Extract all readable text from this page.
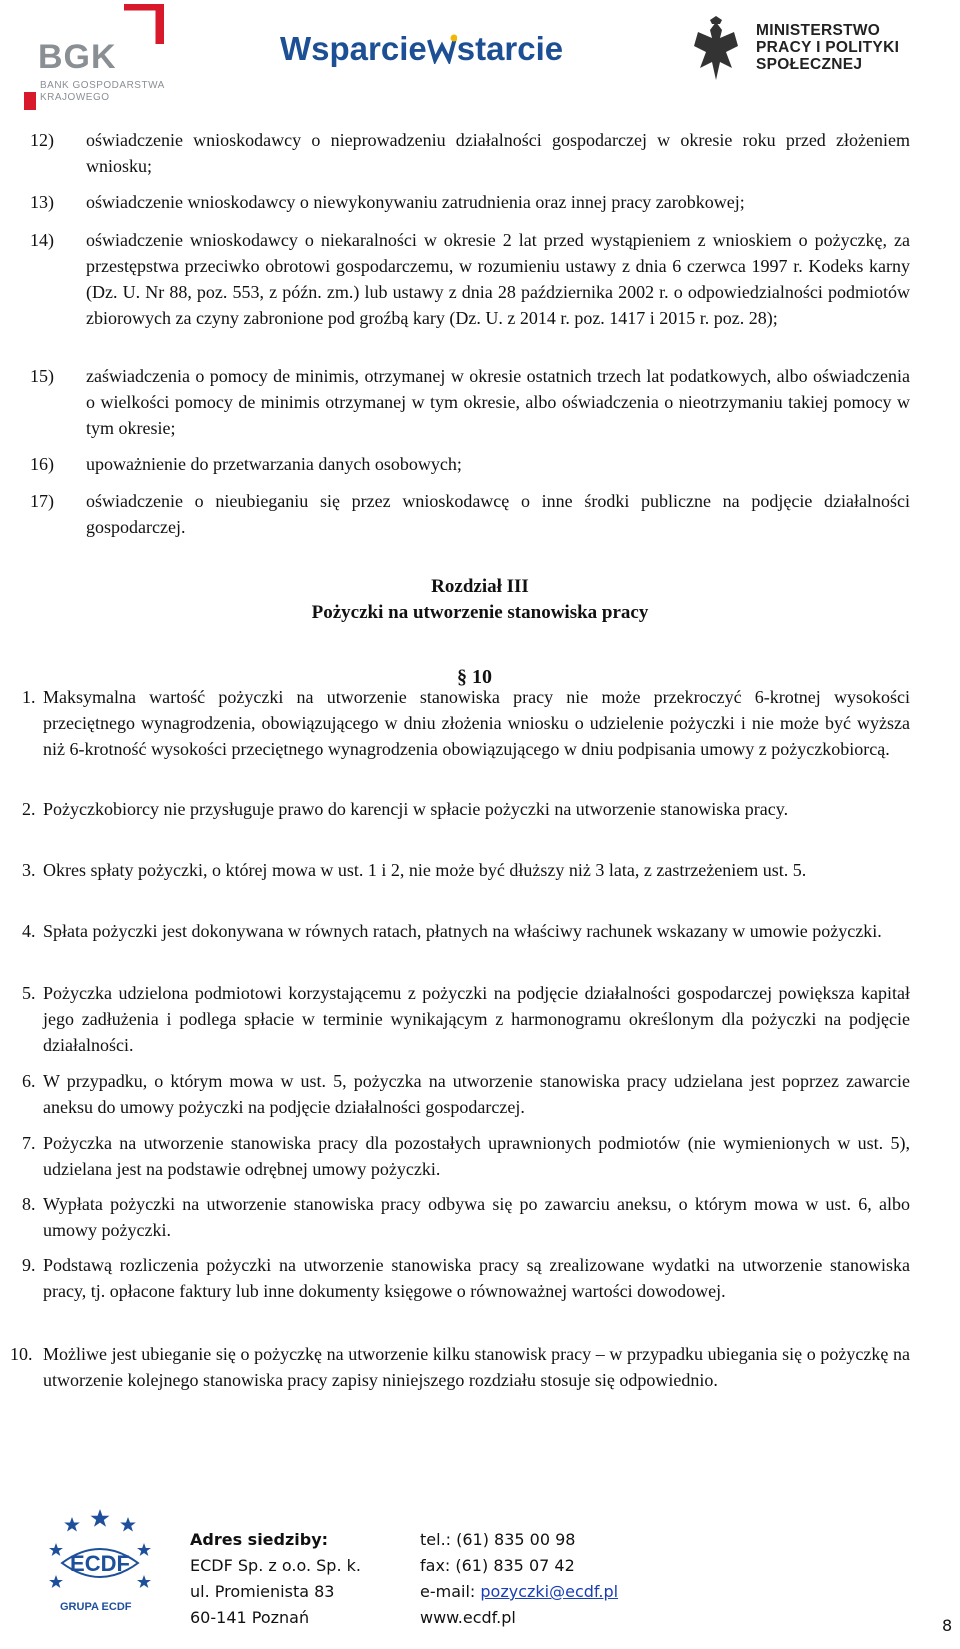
BGK
BANK GOSPODARSTWA KRAJOWEGO
Wsparcie starcie	MINISTERSTWO
PRACY I POLITYKI
SPOŁECZNEJ
12) oświadczenie wnioskodawcy o nieprowadzeniu działalności gospodarczej w okresie roku przed złożeniem wniosku;
13) oświadczenie wnioskodawcy o niewykonywaniu zatrudnienia oraz innej pracy zarobkowej;
14) oświadczenie wnioskodawcy o niekaralności w okresie 2 lat przed wystąpieniem z wnioskiem o pożyczkę, za przestępstwa przeciwko obrotowi gospodarczemu, w rozumieniu ustawy z dnia 6 czerwca 1997 r. Kodeks karny (Dz. U. Nr 88, poz. 553, z późn. zm.) lub ustawy z dnia 28 października 2002 r. o odpowiedzialności podmiotów zbiorowych za czyny zabronione pod groźbą kary (Dz. U. z 2014 r. poz. 1417 i 2015 r. poz. 28);
15) zaświadczenia o pomocy de minimis, otrzymanej w okresie ostatnich trzech lat podatkowych, albo oświadczenia o wielkości pomocy de minimis otrzymanej w tym okresie, albo oświadczenia o nieotrzymaniu takiej pomocy w tym okresie;
16) upoważnienie do przetwarzania danych osobowych;
17) oświadczenie o nieubieganiu się przez wnioskodawcę o inne środki publiczne na podjęcie działalności gospodarczej.
Rozdział III
Pożyczki na utworzenie stanowiska pracy
§ 10
1. Maksymalna wartość pożyczki na utworzenie stanowiska pracy nie może przekroczyć 6-krotnej wysokości przeciętnego wynagrodzenia, obowiązującego w dniu złożenia wniosku o udzielenie pożyczki i nie może być wyższa niż 6-krotność wysokości przeciętnego wynagrodzenia obowiązującego w dniu podpisania umowy z pożyczkobiorcą.
2. Pożyczkobiorcy nie przysługuje prawo do karencji w spłacie pożyczki na utworzenie stanowiska pracy.
3. Okres spłaty pożyczki, o której mowa w ust. 1 i 2, nie może być dłuższy niż 3 lata, z zastrzeżeniem ust. 5.
4. Spłata pożyczki jest dokonywana w równych ratach, płatnych na właściwy rachunek wskazany w umowie pożyczki.
5. Pożyczka udzielona podmiotowi korzystającemu z pożyczki na podjęcie działalności gospodarczej powiększa kapitał jego zadłużenia i podlega spłacie w terminie wynikającym z harmonogramu określonym dla pożyczki na podjęcie działalności.
6. W przypadku, o którym mowa w ust. 5, pożyczka na utworzenie stanowiska pracy udzielana jest poprzez zawarcie aneksu do umowy pożyczki na podjęcie działalności gospodarczej.
7. Pożyczka na utworzenie stanowiska pracy dla pozostałych uprawnionych podmiotów (nie wymienionych w ust. 5), udzielana jest na podstawie odrębnej umowy pożyczki.
8. Wypłata pożyczki na utworzenie stanowiska pracy odbywa się po zawarciu aneksu, o którym mowa w ust. 6, albo umowy pożyczki.
9. Podstawą rozliczenia pożyczki na utworzenie stanowiska pracy są zrealizowane wydatki na utworzenie stanowiska pracy, tj. opłacone faktury lub inne dokumenty księgowe o równoważnej wartości dowodowej.
10. Możliwe jest ubieganie się o pożyczkę na utworzenie kilku stanowisk pracy – w przypadku ubiegania się o pożyczkę na utworzenie kolejnego stanowiska pracy zapisy niniejszego rozdziału stosuje się odpowiednio.
ECDF
GRUPA ECDF
Adres siedziby:
ECDF Sp. z o.o. Sp. k.
ul. Promienista 83
60-141 Poznań
tel.: (61) 835 00 98
fax: (61) 835 07 42
e-mail: pozyczki@ecdf.pl
www.ecdf.pl	8
